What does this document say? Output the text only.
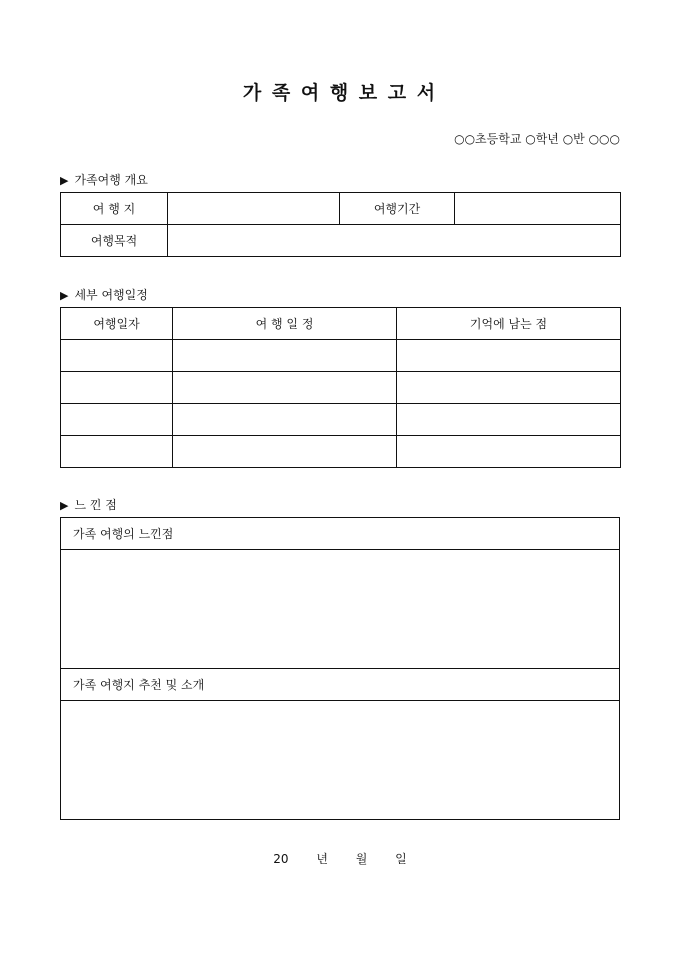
가 족 여 행 보 고 서
○○초등학교 ○학년 ○반 ○○○
▶ 가족여행 개요
여 행 지		여행기간	
여행목적			
▶ 세부 여행일정
여행일자	여 행 일 정	기억에 남는 점

▶ 느 낀 점
가족 여행의 느낀점

가족 여행지 추천 및 소개

20 년 월 일
